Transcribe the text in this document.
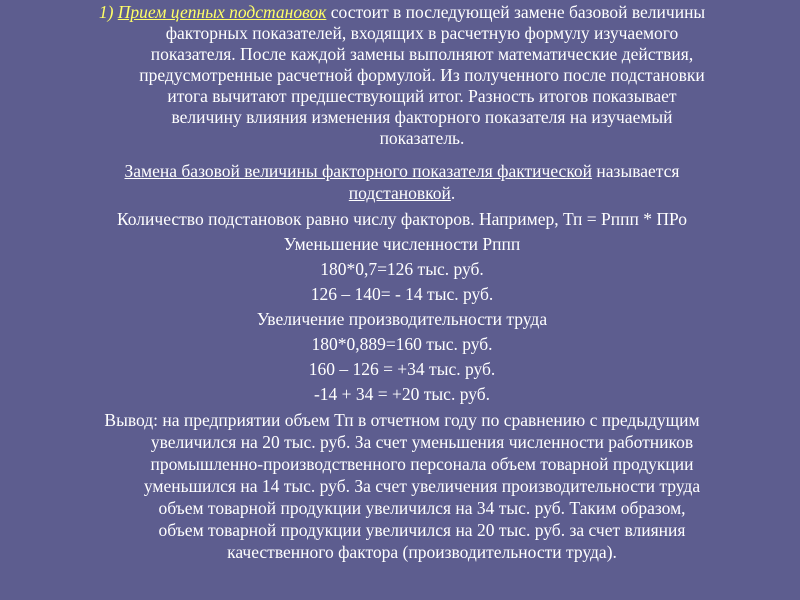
1) Прием цепных подстановок состоит в последующей замене базовой величины
факторных показателей, входящих в расчетную формулу изучаемого
показателя. После каждой замены выполняют математические действия,
предусмотренные расчетной формулой. Из полученного после подстановки
итога вычитают предшествующий итог. Разность итогов показывает
величину влияния изменения факторного показателя на изучаемый
показатель.
Замена базовой величины факторного показателя фактической называется
подстановкой.
Количество подстановок равно числу факторов. Например, Тп = Рппп * ПРо
Уменьшение численности Рппп
180*0,7=126 тыс. руб.
126 – 140= - 14 тыс. руб.
Увеличение производительности труда
180*0,889=160 тыс. руб.
160 – 126 = +34 тыс. руб.
-14 + 34 = +20 тыс. руб.
Вывод: на предприятии объем Тп в отчетном году по сравнению с предыдущим
увеличился на 20 тыс. руб. За счет уменьшения численности работников
промышленно-производственного персонала объем товарной продукции
уменьшился на 14 тыс. руб. За счет увеличения производительности труда
объем товарной продукции увеличился на 34 тыс. руб. Таким образом,
объем товарной продукции увеличился на 20 тыс. руб. за счет влияния
качественного фактора (производительности труда).
